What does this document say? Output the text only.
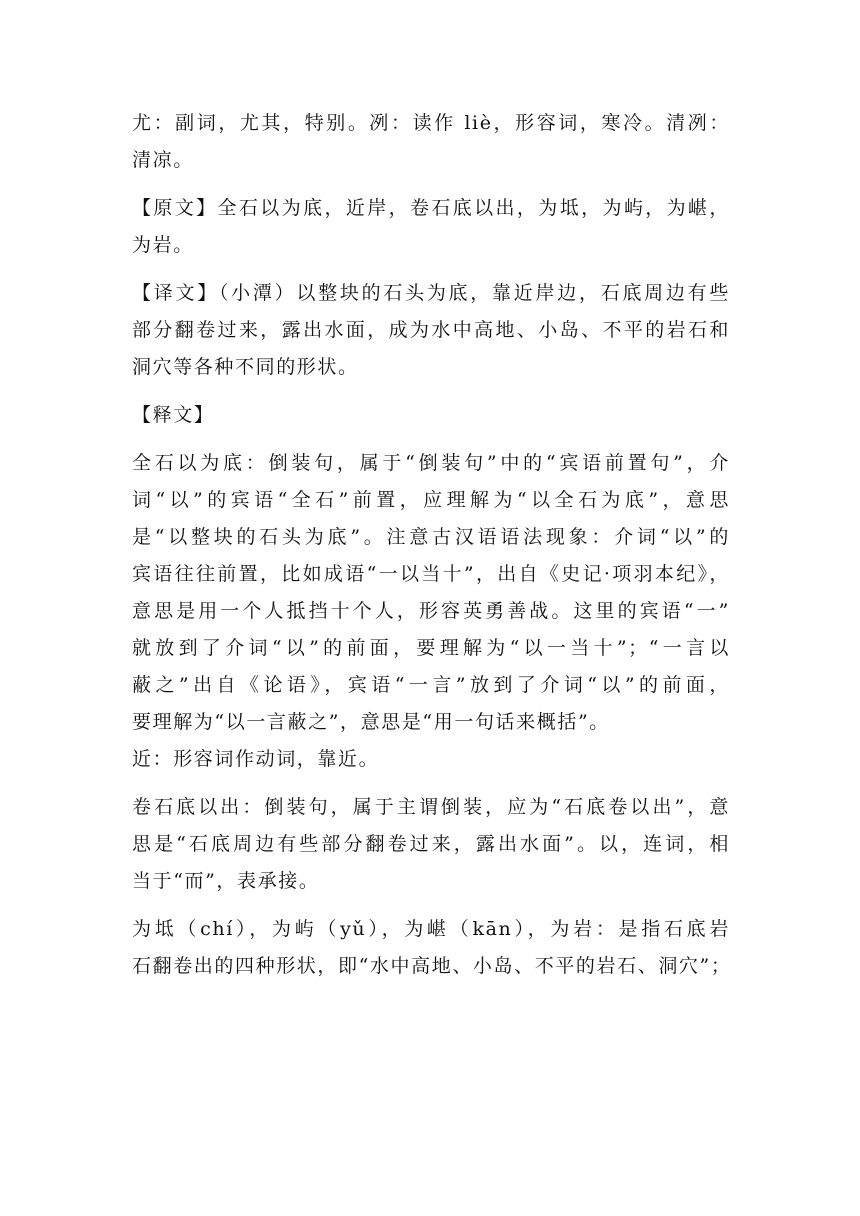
尤：副词，尤其，特别。冽：读作 liè，形容词，寒冷。清冽：
清凉。
【原文】全石以为底，近岸，卷石底以出，为坻，为屿，为嵁，
为岩。
【译文】（小潭）以整块的石头为底，靠近岸边，石底周边有些
部分翻卷过来，露出水面，成为水中高地、小岛、不平的岩石和
洞穴等各种不同的形状。
【释文】
全石以为底：倒装句，属于“倒装句”中的“宾语前置句”，介
词“以”的宾语“全石”前置，应理解为“以全石为底”，意思
是“以整块的石头为底”。注意古汉语语法现象：介词“以”的
宾语往往前置，比如成语“一以当十”，出自《史记·项羽本纪》，
意思是用一个人抵挡十个人，形容英勇善战。这里的宾语“一”
就放到了介词“以”的前面，要理解为“以一当十”；“一言以
蔽之”出自《论语》，宾语“一言”放到了介词“以”的前面，
要理解为“以一言蔽之”，意思是“用一句话来概括”。
近：形容词作动词，靠近。
卷石底以出：倒装句，属于主谓倒装，应为“石底卷以出”，意
思是“石底周边有些部分翻卷过来，露出水面”。以，连词，相
当于“而”，表承接。
为坻（chí），为屿（yǔ），为嵁（kān），为岩：是指石底岩
石翻卷出的四种形状，即“水中高地、小岛、不平的岩石、洞穴”；
